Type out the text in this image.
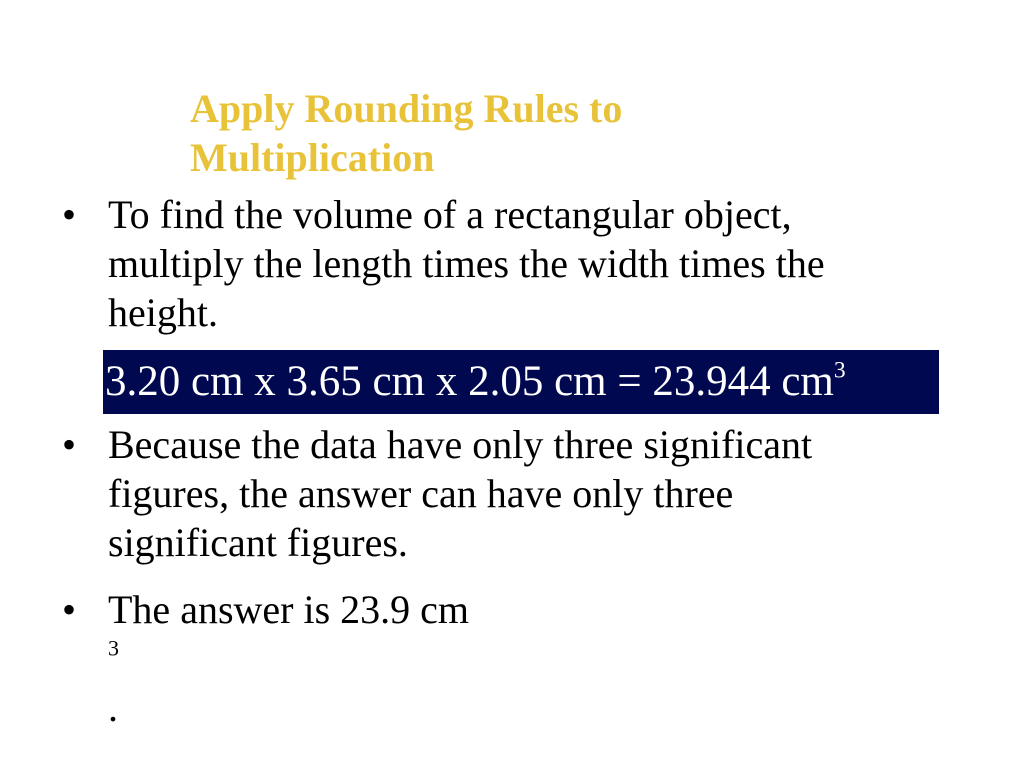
Apply Rounding Rules to
Multiplication
• To find the volume of a rectangular object,
multiply the length times the width times the
height.
3.20 cm x 3.65 cm x 2.05 cm = 23.944 $cm^3$
• Because the data have only three significant
figures, the answer can have only three
significant figures.
• The answer is 23.9 cm
$^3$
.
